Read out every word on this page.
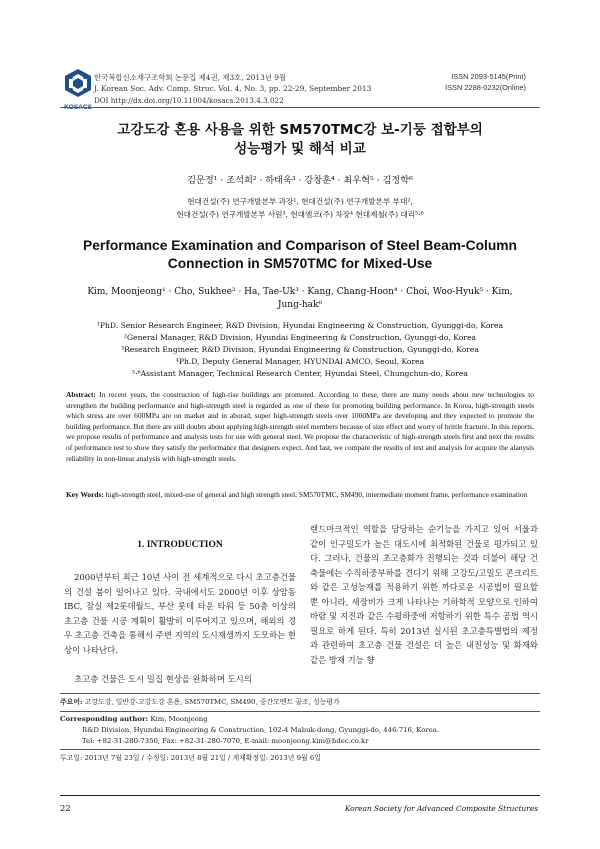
KOSACS
한국복합신소재구조학회 논문집 제4권, 제3호, 2013년 9월
J. Korean Soc. Adv. Comp. Struc. Vol. 4, No. 3, pp. 22-29, September 2013
DOI http://dx.doi.org/10.11004/kosacs.2013.4.3.022
ISSN 2093-5145(Print)
ISSN 2288-0232(Online)
고강도강 혼용 사용을 위한 SM570TMC강 보-기둥 접합부의
성능평가 및 해석 비교
김문정¹ · 조석희² · 하태욱³ · 강창훈⁴ · 최우혁⁵ · 김정학⁶
현대건설(주) 연구개발본부 과장¹, 현대건설(주) 연구개발본부 부대²,
현대건설(주) 연구개발본부 사원³, 현대엠코(주) 차장⁴ 현대제철(주) 대리⁵·⁶
Performance Examination and Comparison of Steel Beam-Column
Connection in SM570TMC for Mixed-Use
Kim, Moonjeong¹ · Cho, Sukhee² · Ha, Tae-Uk³ · Kang, Chang-Hoon⁴ · Choi, Woo-Hyuk⁵ · Kim,
Jung-hak⁶
¹PhD. Senior Research Engineer, R&D Division, Hyundai Engineering & Construction, Gyunggi-do, Korea
²General Manager, R&D Division, Hyundai Engineering & Construction, Gyunggi-do, Korea
³Research Engineer, R&D Division, Hyundai Engineering & Construction, Gyunggi-do, Korea
⁴Ph.D, Deputy General Manager, HYUNDAI AMCO, Seoul, Korea
⁵·⁶Assistant Manager, Technical Research Center, Hyundai Steel, Chungchun-do, Korea
Abstract: In recent years, the construction of high-rise buildings are promoted. According to these, there are many needs about new technologies to strengthen the building performance and high-strength steel is regarded as one of these for promoting building performance. In Korea, high-strength steels which stress are over 600MPa are on market and in aborad, super high-strength steels over 1000MPa are developing and they expected to promote the building performance. But there are still doubts about applying high-strength steel members because of size effect and worry of brittle fracture. In this reports, we propose results of performance and analysis tests for use with general steel. We propose the characteristic of high-strength steels first and next the results of performance test to show they satisfy the performance that designers expect. And last, we compare the results of test and analysis for acquire the alanysis reliability in non-linear analysis with high-strength steels.
Key Words: high-strength steel, mixed-use of general and high strength steel, SM570TMC, SM490, intermediate moment frame, performance examination
1. INTRODUCTION
2000년부터 최근 10년 사이 전 세계적으로 다시 초고층건물의 건설 붐이 일어나고 있다. 국내에서도 2000년 이후 상암동 IBC, 잠실 제2롯데월드, 부산 롯데 타운 타워 등 50층 이상의 초고층 건물 시공 계획이 활발히 이루어지고 있으며, 해외의 경우 초고층 건축을 통해서 주변 지역의 도시재생까지 도모하는 현상이 나타난다.
초고층 건물은 도시 밀집 현상을 완화하며 도시의
랜드마크적인 역할을 담당하는 순기능을 가지고 있어 서울과 같이 인구밀도가 높은 대도시에 최적화된 건물로 평가되고 있다. 그러나, 건물의 초고층화가 진행되는 것과 더불어 해당 건축물에는 수직하중부하를 견디기 위해 고강도/고밀도 콘크리트와 같은 고성능재를 적용하기 위한 까다로운 시공법이 필요할 뿐 아니라, 세장비가 크게 나타나는 기하학적 모양으로 인하여 바람 및 지진과 같은 수평하중에 저항하기 위한 특수 공법 역시 필요로 하게 된다. 특히 2013년 실시된 초고층특별법의 제정과 관련하여 초고층 건물 건설은 더 높은 내진성능 및 화재와 같은 방재 기능 향
주요어: 고강도강, 일반강-고강도강 혼용, SM570TMC, SM490, 중간모멘트 골조, 성능평가
Corresponding author: Kim, Moonjeong
R&D Division, Hyundai Engineering & Construction, 102-4 Mabuk-dong, Gyunggi-do, 446-716, Korea.
Tel: +82-31-280-7350, Fax: +82-31-280-7070, E-mail: moonjeong.kim@hdec.co.kr
투고일: 2013년 7월 23일 / 수정일: 2013년 8월 21일 / 게재확정일: 2013년 9월 6일
22	Korean Society for Advanced Composite Structures
